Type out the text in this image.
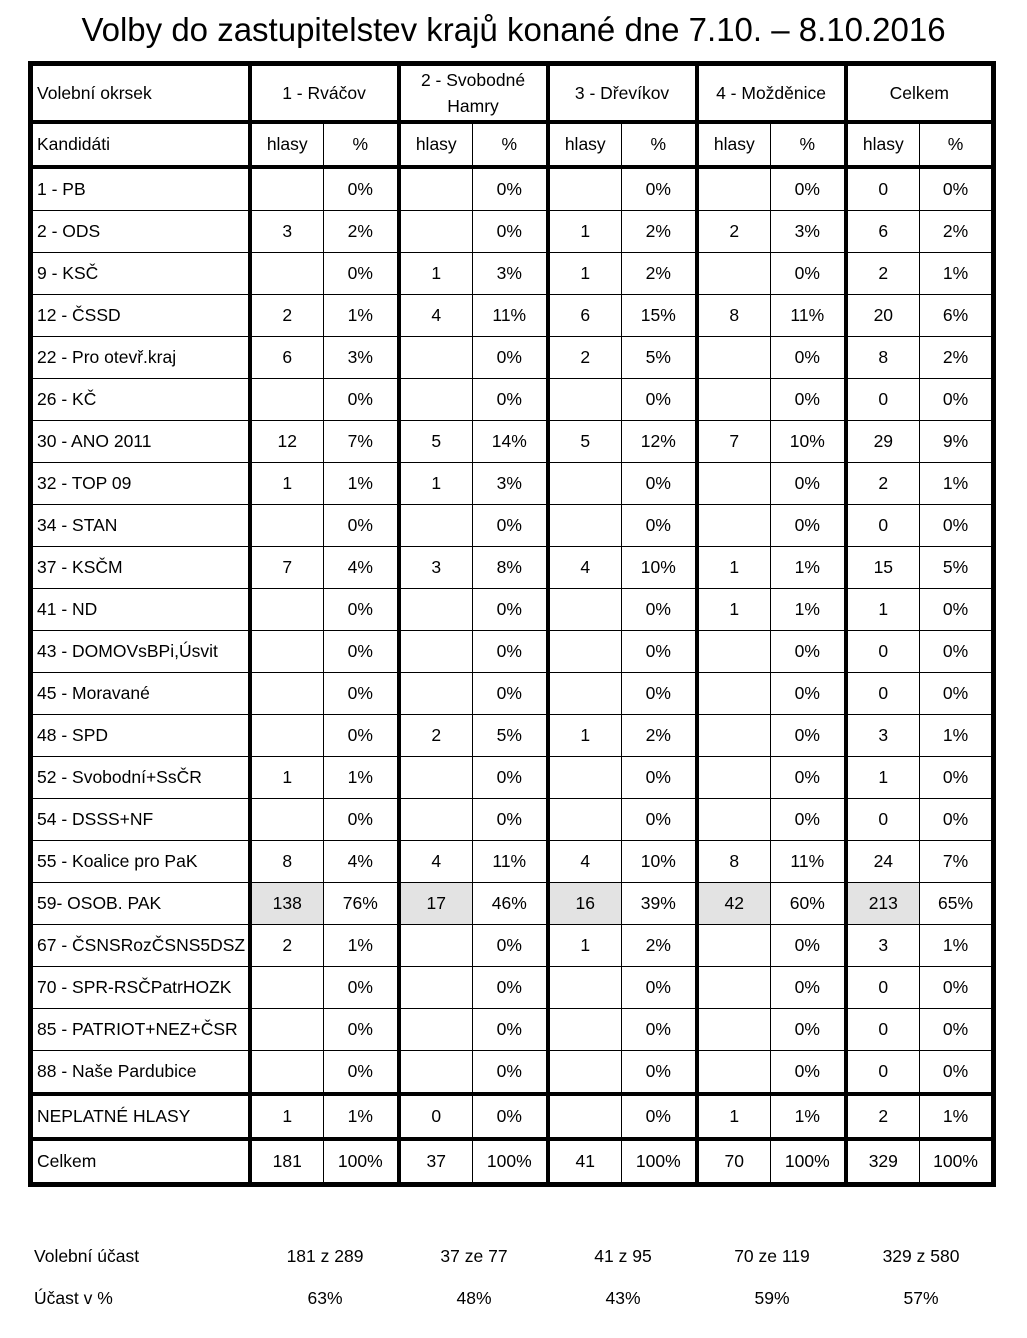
Volby do zastupitelstev krajů konané dne 7.10. – 8.10.2016
Volební okrsek	1 - Rváčov		2 - Svobodné Hamry		3 - Dřevíkov		4 - Možděnice		Celkem	
Kandidáti	hlasy	%	hlasy	%	hlasy	%	hlasy	%	hlasy	%
1 - PB		0%		0%		0%		0%	0	0%
2 - ODS	3	2%		0%	1	2%	2	3%	6	2%
9 - KSČ		0%	1	3%	1	2%		0%	2	1%
12 - ČSSD	2	1%	4	11%	6	15%	8	11%	20	6%
22 - Pro otevř.kraj	6	3%		0%	2	5%		0%	8	2%
26 - KČ		0%		0%		0%		0%	0	0%
30 - ANO 2011	12	7%	5	14%	5	12%	7	10%	29	9%
32 - TOP 09	1	1%	1	3%		0%		0%	2	1%
34 - STAN		0%		0%		0%		0%	0	0%
37 - KSČM	7	4%	3	8%	4	10%	1	1%	15	5%
41 - ND		0%		0%		0%	1	1%	1	0%
43 - DOMOVsBPi,Úsvit		0%		0%		0%		0%	0	0%
45 - Moravané		0%		0%		0%		0%	0	0%
48 - SPD		0%	2	5%	1	2%		0%	3	1%
52 - Svobodní+SsČR	1	1%		0%		0%		0%	1	0%
54 - DSSS+NF		0%		0%		0%		0%	0	0%
55 - Koalice pro PaK	8	4%	4	11%	4	10%	8	11%	24	7%
59- OSOB. PAK	138	76%	17	46%	16	39%	42	60%	213	65%
67 - ČSNSRozČSNS5DSZ	2	1%		0%	1	2%		0%	3	1%
70 - SPR-RSČPatrHOZK		0%		0%		0%		0%	0	0%
85 - PATRIOT+NEZ+ČSR		0%		0%		0%		0%	0	0%
88 - Naše Pardubice		0%		0%		0%		0%	0	0%
NEPLATNÉ HLASY	1	1%	0	0%		0%	1	1%	2	1%
Celkem	181	100%	37	100%	41	100%	70	100%	329	100%
Volební účast	181 z 289	37 ze 77	41 z 95	70 ze 119	329 z 580
Účast v %	63%	48%	43%	59%	57%
